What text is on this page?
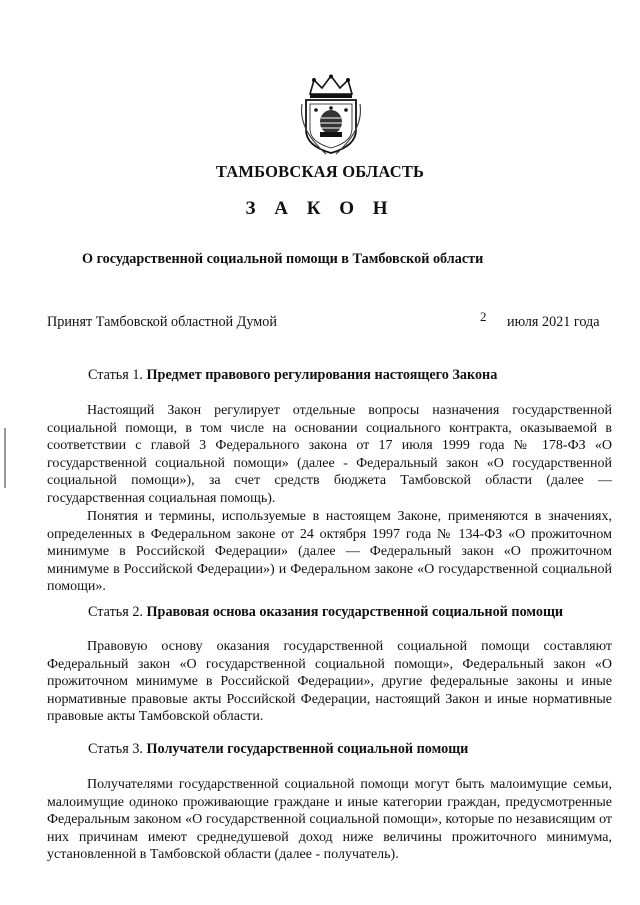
ТАМБОВСКАЯ ОБЛАСТЬ
З А К О Н
О государственной социальной помощи в Тамбовской области
Принят Тамбовской областной Думой	2 июля 2021 года
Статья 1. Предмет правового регулирования настоящего Закона
Настоящий Закон регулирует отдельные вопросы назначения государственной социальной помощи, в том числе на основании социального контракта, оказываемой в соответствии с главой 3 Федерального закона от 17 июля 1999 года № 178-ФЗ «О государственной социальной помощи» (далее - Федеральный закон «О государственной социальной помощи»), за счет средств бюджета Тамбовской области (далее — государственная социальная помощь).
Понятия и термины, используемые в настоящем Законе, применяются в значениях, определенных в Федеральном законе от 24 октября 1997 года № 134-ФЗ «О прожиточном минимуме в Российской Федерации» (далее — Федеральный закон «О прожиточном минимуме в Российской Федерации») и Федеральном законе «О государственной социальной помощи».
Статья 2. Правовая основа оказания государственной социальной помощи
Правовую основу оказания государственной социальной помощи составляют Федеральный закон «О государственной социальной помощи», Федеральный закон «О прожиточном минимуме в Российской Федерации», другие федеральные законы и иные нормативные правовые акты Российской Федерации, настоящий Закон и иные нормативные правовые акты Тамбовской области.
Статья 3. Получатели государственной социальной помощи
Получателями государственной социальной помощи могут быть малоимущие семьи, малоимущие одиноко проживающие граждане и иные категории граждан, предусмотренные Федеральным законом «О государственной социальной помощи», которые по независящим от них причинам имеют среднедушевой доход ниже величины прожиточного минимума, установленной в Тамбовской области (далее - получатель).
